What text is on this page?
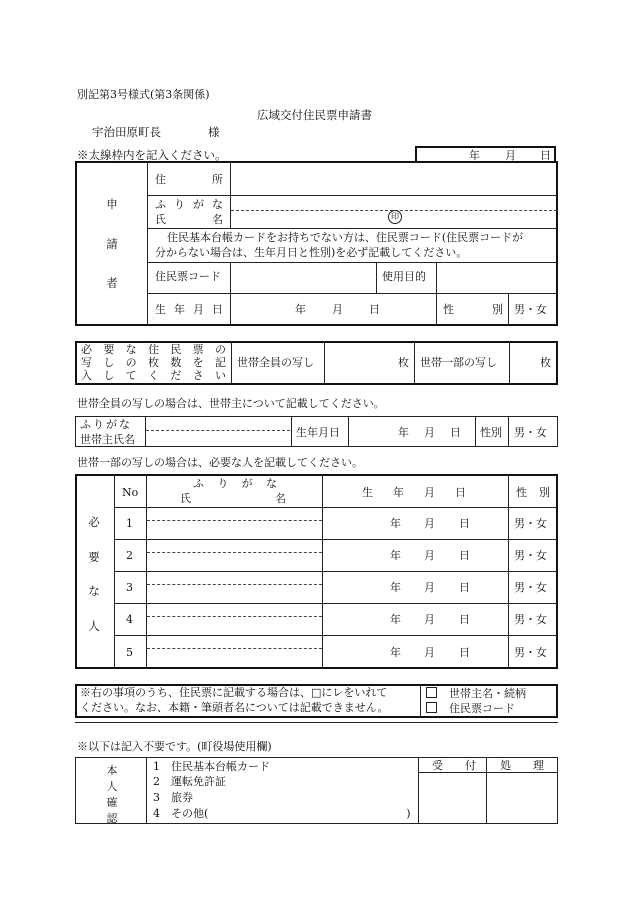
別記第3号様式(第3条関係)
広域交付住民票申請書
宇治田原町長	様
※太線枠内を記入ください。	年 月 日
申
請
者
住	所
ふ り が な
氏	名	印
住民基本台帳カードをお持ちでない方は、住民票コード(住民票コードが
分からない場合は、生年月日と性別)を必ず記載してください。
住民票コード	使用目的
生 年 月 日	年 月 日	性	別 男・女
必 要 な 住 民 票 の
写 し の 枚 数 を 記
入 し て く だ さ い
世帯全員の写し	枚 世帯一部の写し	枚
世帯全員の写しの場合は、世帯主について記載してください。
ふりがな
世帯主氏名
生年月日	年 月 日 性別 男・女
世帯一部の写しの場合は、必要な人を記載してください。
必
要
な
人
No
ふ り が な
氏	名	生 年 月 日	性 別
1	年 月 日	男・女
2	年 月 日	男・女
3	年 月 日	男・女
4	年 月 日	男・女
5	年 月 日	男・女
※右の事項のうち、住民票に記載する場合は、□にレをいれて
ください。なお、本籍・筆頭者名については記載できません。
世帯主名・続柄
住民票コード
※以下は記入不要です。(町役場使用欄)
本
人
確
認
1　住民基本台帳カード
2　運転免許証
3　旅券
4　その他(　　　　　　　　　　　　　　　　　　)
受 付 処 理
